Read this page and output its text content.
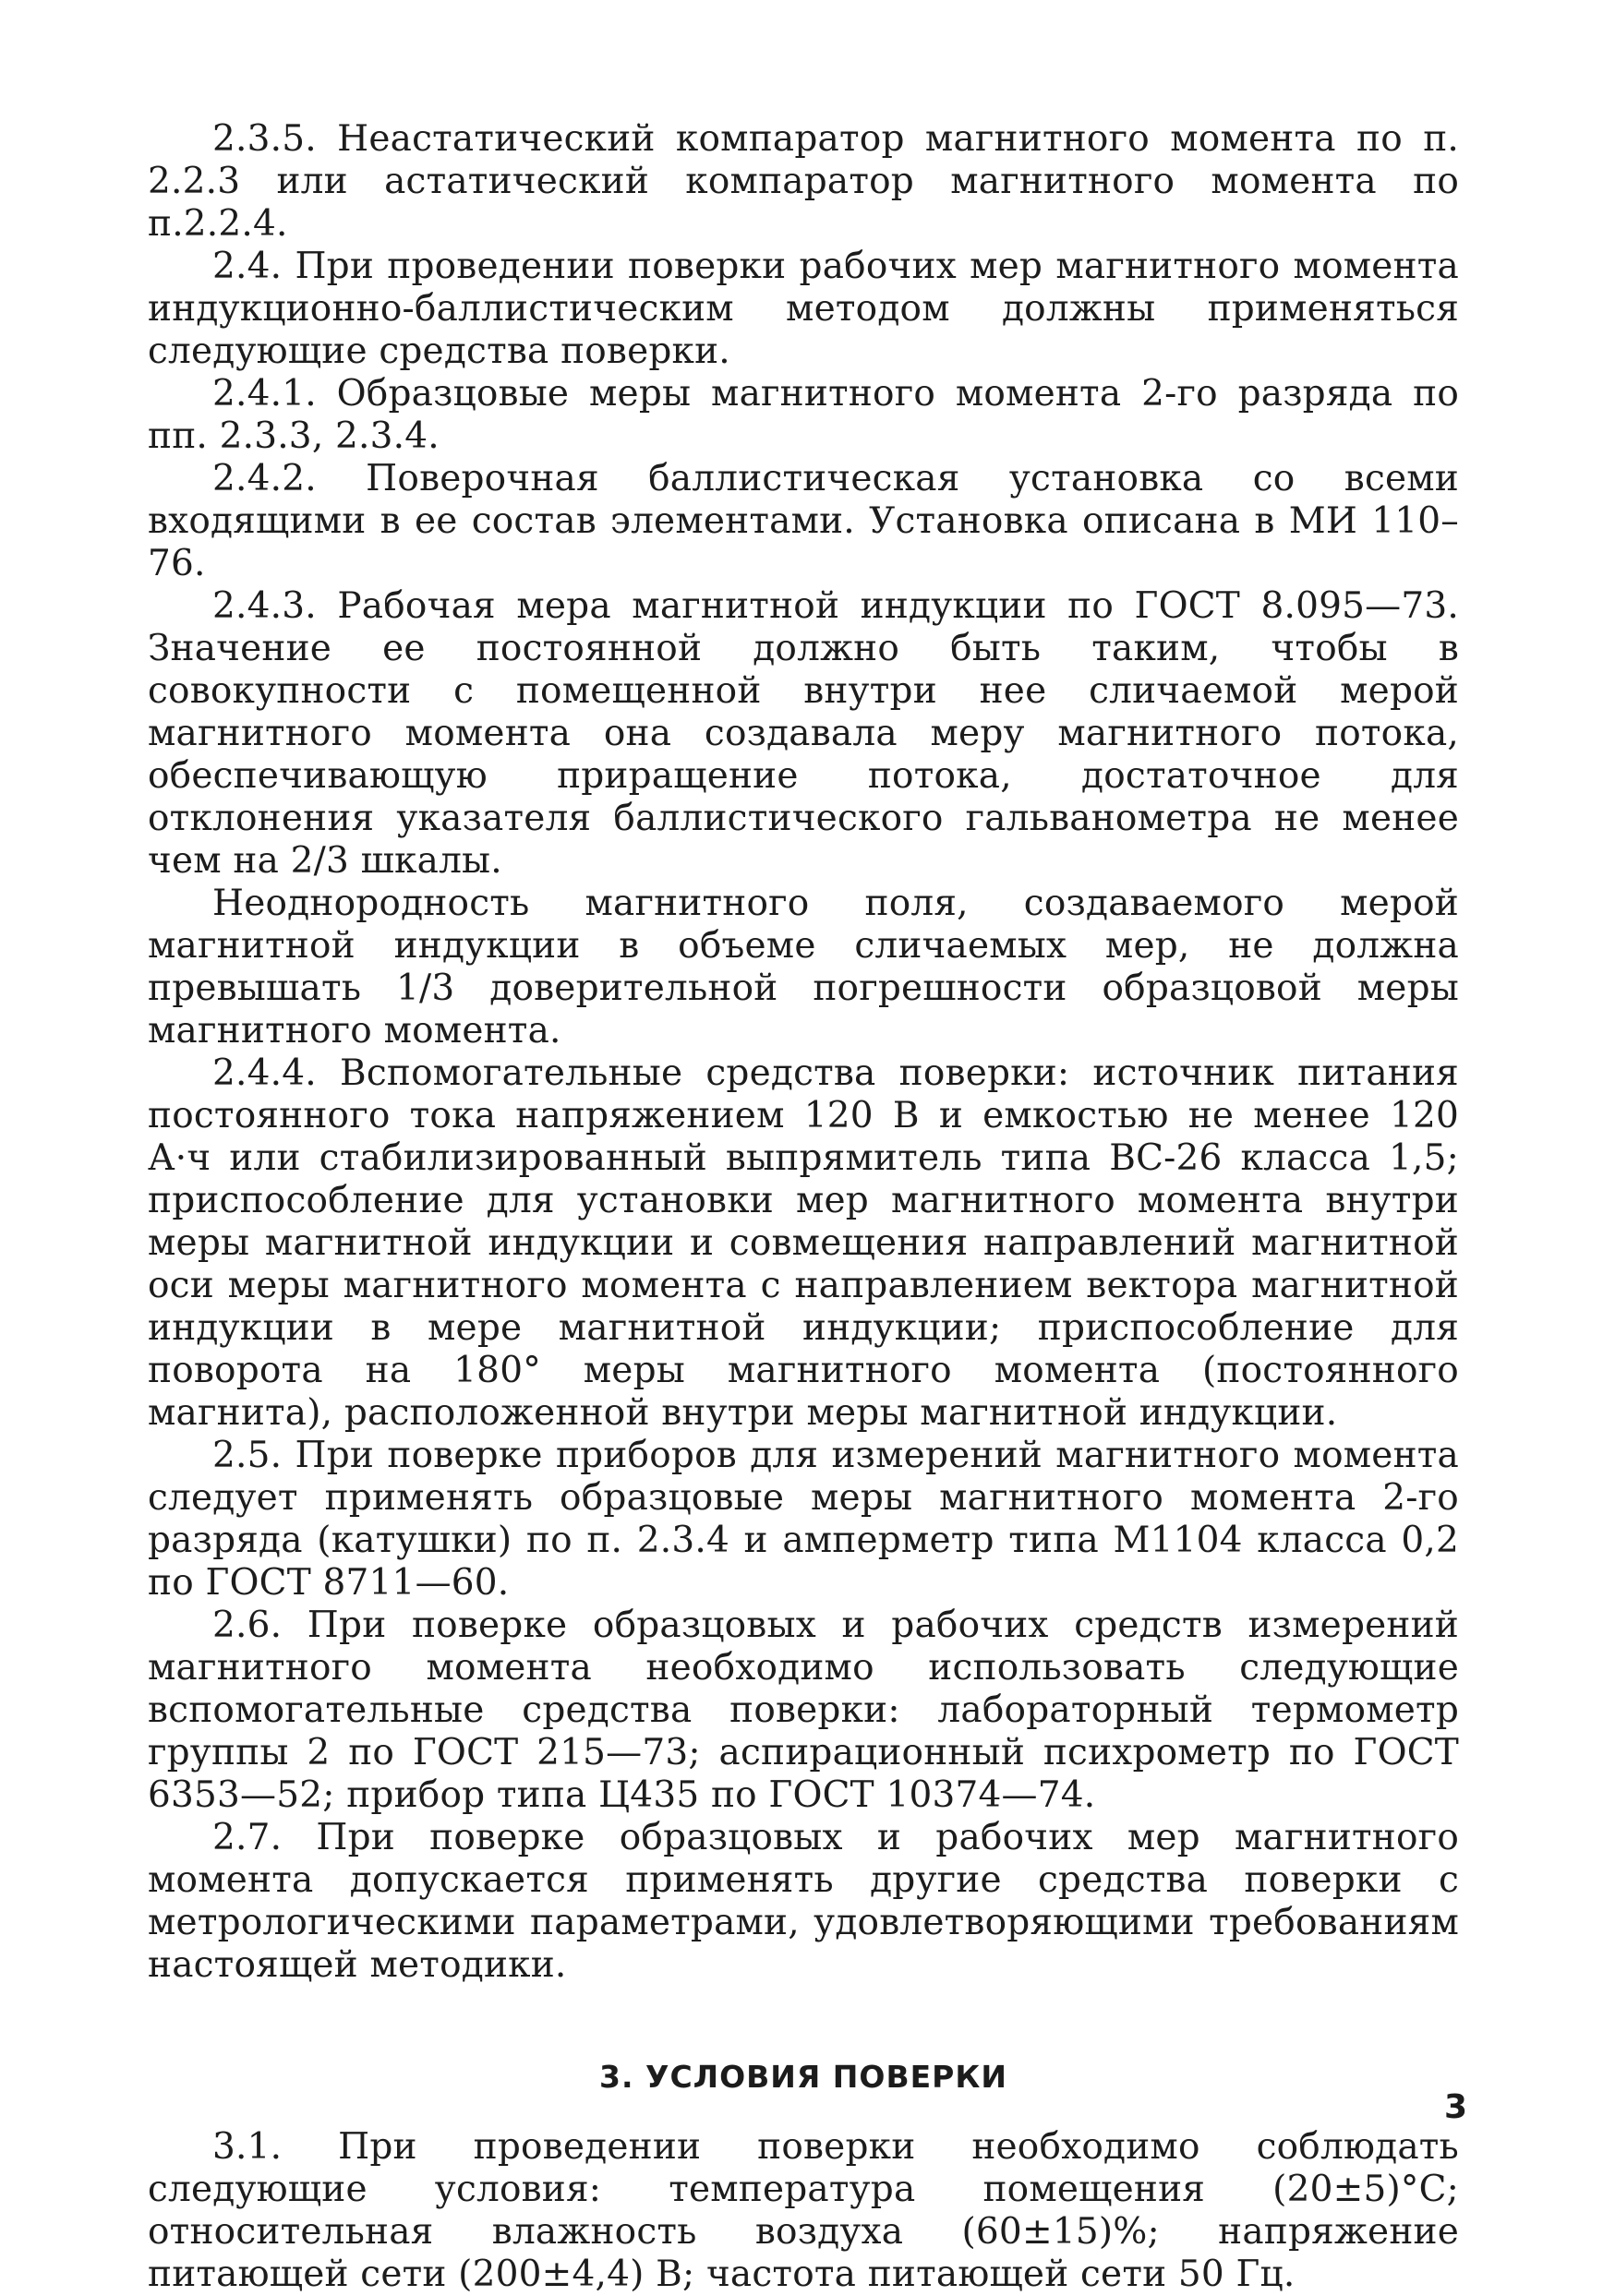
2.3.5. Неастатический компаратор магнитного момента по п. 2.2.3 или астатический компаратор магнитного момента по п.2.2.4.

2.4. При проведении поверки рабочих мер магнитного момента индукционно-баллистическим методом должны применяться следующие средства поверки.

2.4.1. Образцовые меры магнитного момента 2-го разряда по пп. 2.3.3, 2.3.4.

2.4.2. Поверочная баллистическая установка со всеми входящими в ее состав элементами. Установка описана в МИ 110–76.

2.4.3. Рабочая мера магнитной индукции по ГОСТ 8.095—73. Значение ее постоянной должно быть таким, чтобы в совокупности с помещенной внутри нее сличаемой мерой магнитного момента она создавала меру магнитного потока, обеспечивающую приращение потока, достаточное для отклонения указателя баллистического гальванометра не менее чем на 2/3 шкалы.

Неоднородность магнитного поля, создаваемого мерой магнитной индукции в объеме сличаемых мер, не должна превышать 1/3 доверительной погрешности образцовой меры магнитного момента.

2.4.4. Вспомогательные средства поверки: источник питания постоянного тока напряжением 120 В и емкостью не менее 120 А·ч или стабилизированный выпрямитель типа ВС-26 класса 1,5; приспособление для установки мер магнитного момента внутри меры магнитной индукции и совмещения направлений магнитной оси меры магнитного момента с направлением вектора магнитной индукции в мере магнитной индукции; приспособление для поворота на 180° меры магнитного момента (постоянного магнита), расположенной внутри меры магнитной индукции.

2.5. При поверке приборов для измерений магнитного момента следует применять образцовые меры магнитного момента 2-го разряда (катушки) по п. 2.3.4 и амперметр типа М1104 класса 0,2 по ГОСТ 8711—60.

2.6. При поверке образцовых и рабочих средств измерений магнитного момента необходимо использовать следующие вспомогательные средства поверки: лабораторный термометр группы 2 по ГОСТ 215—73; аспирационный психрометр по ГОСТ 6353—52; прибор типа Ц435 по ГОСТ 10374—74.

2.7. При поверке образцовых и рабочих мер магнитного момента допускается применять другие средства поверки с метрологическими параметрами, удовлетворяющими требованиям настоящей методики.

3. УСЛОВИЯ ПОВЕРКИ

3.1. При проведении поверки необходимо соблюдать следующие условия: температура помещения (20±5)°С; относительная влажность воздуха (60±15)%; напряжение питающей сети (200±4,4) В; частота питающей сети 50 Гц.

3
